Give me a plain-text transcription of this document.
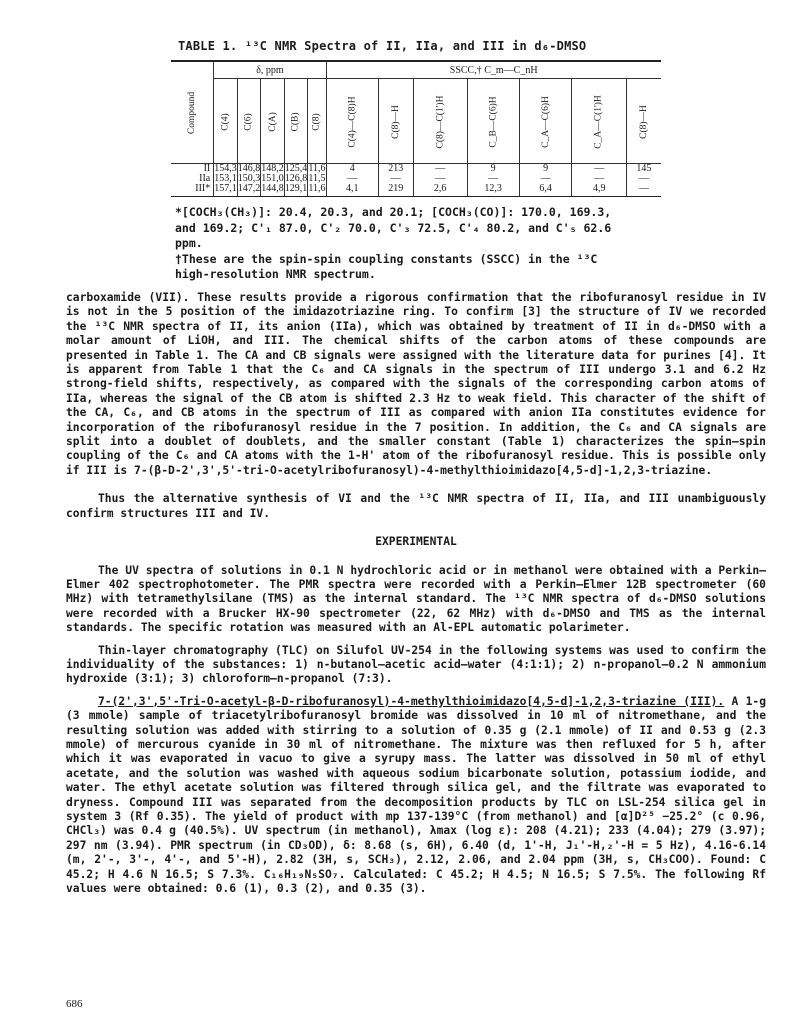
TABLE 1. ¹³C NMR Spectra of II, IIa, and III in d₆-DMSO

Compound	δ, ppm					SSCC,† C_m—C_nH						
	C(4)	C(6)	C(A)	C(B)	C(8)	C(4)—C(8)H	C(8)—H	C(8)—C(1')H	C_B—C(6)H	C_A—C(6)H	C_A—C(1')H	C(8)—H
II	154,3	146,8	148,2	125,4	11,6	4	213	—	9	9	—	145
IIa	153,1	150,3	151,0	126,8	11,5	—	—	—	—	—	—	—
III*	157,1	147,2	144,8	129,1	11,6	4,1	219	2,6	12,3	6,4	4,9	—

*[COCH₃(CH₃)]: 20.4, 20.3, and 20.1; [COCH₃(CO)]: 170.0, 169.3, and 169.2; C'₁ 87.0, C'₂ 70.0, C'₃ 72.5, C'₄ 80.2, and C'₅ 62.6 ppm.

†These are the spin-spin coupling constants (SSCC) in the ¹³C high-resolution NMR spectrum.

carboxamide (VII). These results provide a rigorous confirmation that the ribofuranosyl residue in IV is not in the 5 position of the imidazotriazine ring. To confirm [3] the structure of IV we recorded the ¹³C NMR spectra of II, its anion (IIa), which was obtained by treatment of II in d₆-DMSO with a molar amount of LiOH, and III. The chemical shifts of the carbon atoms of these compounds are presented in Table 1. The CA and CB signals were assigned with the literature data for purines [4]. It is apparent from Table 1 that the C₆ and CA signals in the spectrum of III undergo 3.1 and 6.2 Hz strong-field shifts, respectively, as compared with the signals of the corresponding carbon atoms of IIa, whereas the signal of the CB atom is shifted 2.3 Hz to weak field. This character of the shift of the CA, C₆, and CB atoms in the spectrum of III as compared with anion IIa constitutes evidence for incorporation of the ribofuranosyl residue in the 7 position. In addition, the C₆ and CA signals are split into a doublet of doublets, and the smaller constant (Table 1) characterizes the spin—spin coupling of the C₆ and CA atoms with the 1-H' atom of the ribofuranosyl residue. This is possible only if III is 7-(β-D-2',3',5'-tri-O-acetylribofuranosyl)-4-methylthioimidazo[4,5-d]-1,2,3-triazine.

Thus the alternative synthesis of VI and the ¹³C NMR spectra of II, IIa, and III unambiguously confirm structures III and IV.

EXPERIMENTAL

The UV spectra of solutions in 0.1 N hydrochloric acid or in methanol were obtained with a Perkin—Elmer 402 spectrophotometer. The PMR spectra were recorded with a Perkin—Elmer 12B spectrometer (60 MHz) with tetramethylsilane (TMS) as the internal standard. The ¹³C NMR spectra of d₆-DMSO solutions were recorded with a Brucker HX-90 spectrometer (22, 62 MHz) with d₆-DMSO and TMS as the internal standards. The specific rotation was measured with an Al-EPL automatic polarimeter.

Thin-layer chromatography (TLC) on Silufol UV-254 in the following systems was used to confirm the individuality of the substances: 1) n-butanol—acetic acid—water (4:1:1); 2) n-propanol—0.2 N ammonium hydroxide (3:1); 3) chloroform—n-propanol (7:3).

7-(2',3',5'-Tri-O-acetyl-β-D-ribofuranosyl)-4-methylthioimidazo[4,5-d]-1,2,3-triazine (III). A 1-g (3 mmole) sample of triacetylribofuranosyl bromide was dissolved in 10 ml of nitromethane, and the resulting solution was added with stirring to a solution of 0.35 g (2.1 mmole) of II and 0.53 g (2.3 mmole) of mercurous cyanide in 30 ml of nitromethane. The mixture was then refluxed for 5 h, after which it was evaporated in vacuo to give a syrupy mass. The latter was dissolved in 50 ml of ethyl acetate, and the solution was washed with aqueous sodium bicarbonate solution, potassium iodide, and water. The ethyl acetate solution was filtered through silica gel, and the filtrate was evaporated to dryness. Compound III was separated from the decomposition products by TLC on LSL-254 silica gel in system 3 (Rf 0.35). The yield of product with mp 137-139°C (from methanol) and [α]D²⁵ −25.2° (c 0.96, CHCl₃) was 0.4 g (40.5%). UV spectrum (in methanol), λmax (log ε): 208 (4.21); 233 (4.04); 279 (3.97); 297 nm (3.94). PMR spectrum (in CD₃OD), δ: 8.68 (s, 6H), 6.40 (d, 1'-H, J₁'-H,₂'-H = 5 Hz), 4.16-6.14 (m, 2'-, 3'-, 4'-, and 5'-H), 2.82 (3H, s, SCH₃), 2.12, 2.06, and 2.04 ppm (3H, s, CH₃COO). Found: C 45.2; H 4.6 N 16.5; S 7.3%. C₁₆H₁₉N₅SO₇. Calculated: C 45.2; H 4.5; N 16.5; S 7.5%. The following Rf values were obtained: 0.6 (1), 0.3 (2), and 0.35 (3).

686
